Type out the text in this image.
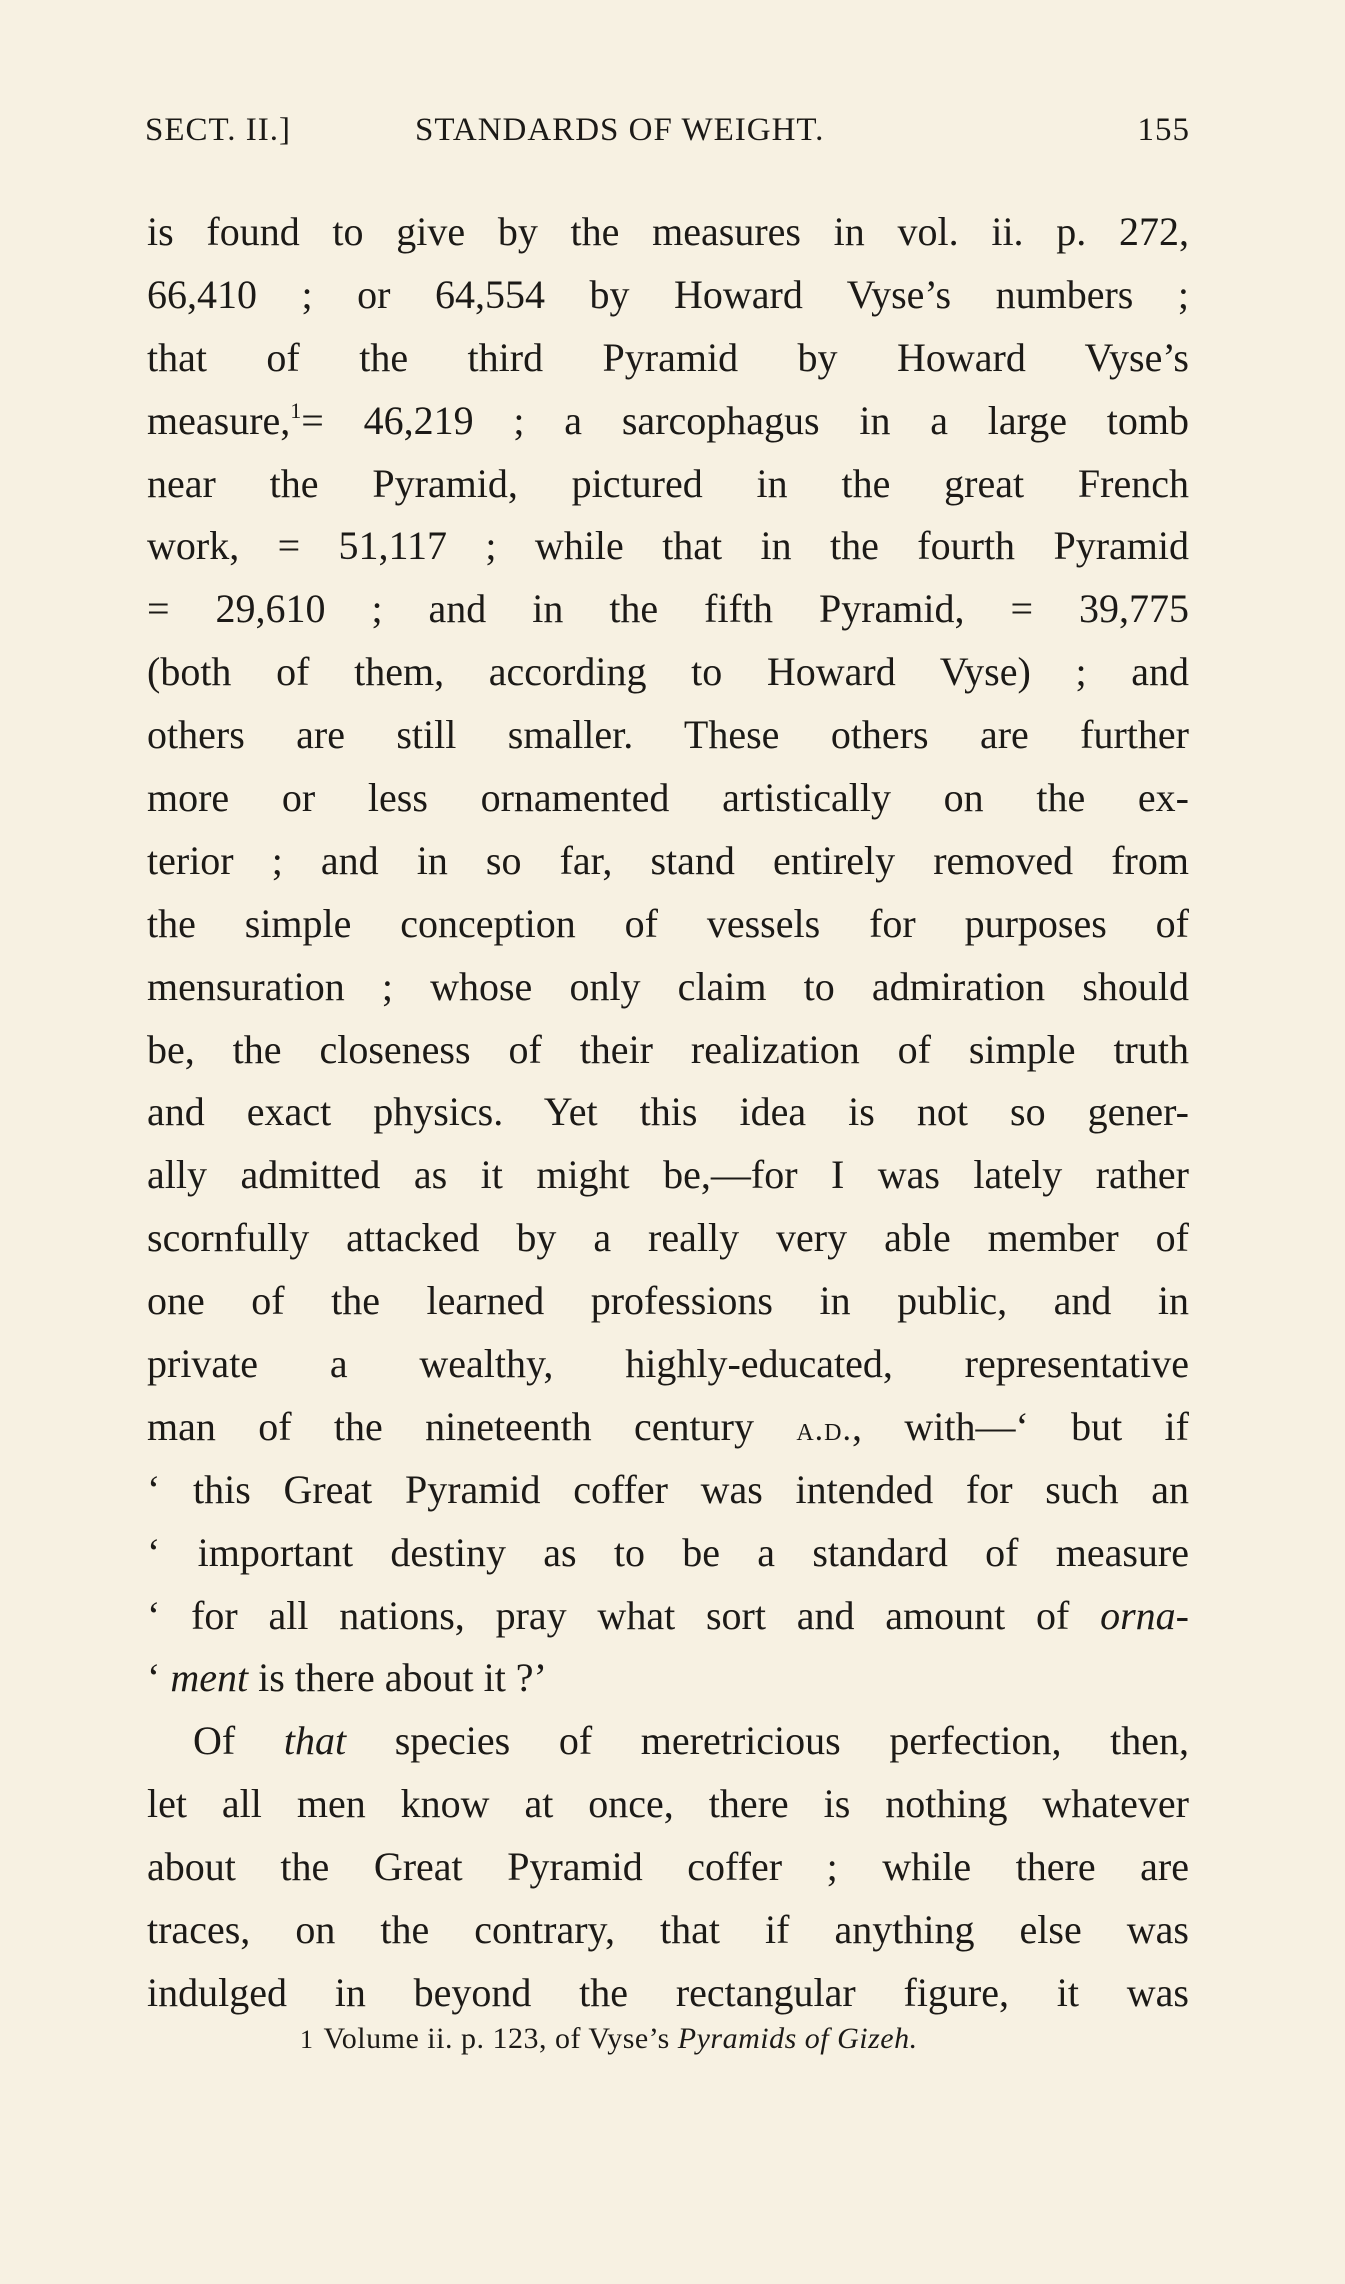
SECT. II.]	STANDARDS OF WEIGHT.	155
is found to give by the measures in vol. ii. p. 272,
66,410 ; or 64,554 by Howard Vyse’s numbers ;
that of the third Pyramid by Howard Vyse’s
measure,$^1$= 46,219 ; a sarcophagus in a large tomb
near the Pyramid, pictured in the great French
work, = 51,117 ; while that in the fourth Pyramid
= 29,610 ; and in the fifth Pyramid, = 39,775
(both of them, according to Howard Vyse) ; and
others are still smaller. These others are further
more or less ornamented artistically on the ex-
terior ; and in so far, stand entirely removed from
the simple conception of vessels for purposes of
mensuration ; whose only claim to admiration should
be, the closeness of their realization of simple truth
and exact physics. Yet this idea is not so gener-
ally admitted as it might be,—for I was lately rather
scornfully attacked by a really very able member of
one of the learned professions in public, and in
private a wealthy, highly-educated, representative
man of the nineteenth century a.d., with—‘ but if
‘ this Great Pyramid coffer was intended for such an
‘ important destiny as to be a standard of measure
‘ for all nations, pray what sort and amount of orna-
‘ ment is there about it ?’
Of that species of meretricious perfection, then,
let all men know at once, there is nothing whatever
about the Great Pyramid coffer ; while there are
traces, on the contrary, that if anything else was
indulged in beyond the rectangular figure, it was
1 Volume ii. p. 123, of Vyse’s Pyramids of Gizeh.
